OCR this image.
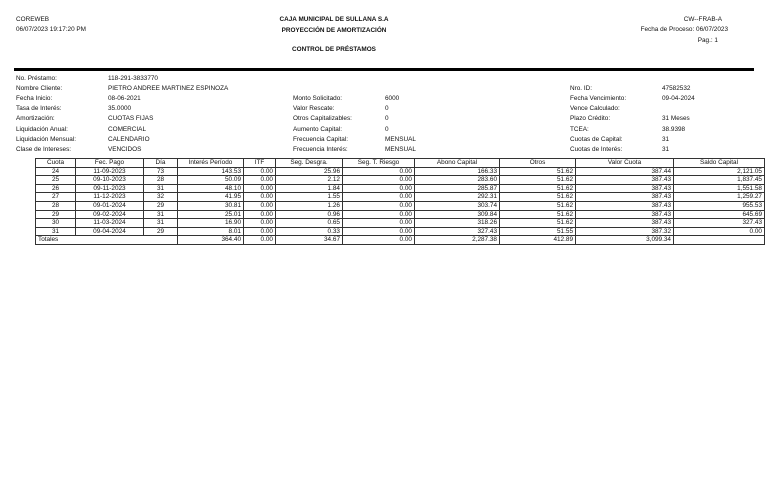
COREWEB
06/07/2023 19:17:20 PM
CAJA MUNICIPAL DE SULLANA S.A
PROYECCIÓN DE AMORTIZACIÓN
CONTROL DE PRÉSTAMOS
CW--FRAB-A
Fecha de Proceso: 06/07/2023
Pag.: 1
No. Préstamo:	118-291-3833770
Nombre Cliente:	PIETRO ANDREE MARTINEZ ESPINOZA
Fecha Inicio:	08-06-2021
Tasa de Interés:	35.0000
Amortización:	CUOTAS FIJAS
Liquidación Anual:	COMERCIAL
Liquidación Mensual:	CALENDARIO
Clase de Intereses:	VENCIDOS
Monto Solicitado:	6000
Valor Rescate:	0
Otros Capitalizables:	0
Aumento Capital:	0
Frecuencia Capital:	MENSUAL
Frecuencia Interés:	MENSUAL
Nro. ID:	47582532
Fecha Vencimiento:	09-04-2024
Vence Calculado:
Plazo Crédito:	31 Meses
TCEA:	38.9398
Cuotas de Capital:	31
Cuotas de Interés:	31
Cuota	Fec. Pago	Día	Interés Período	ITF	Seg. Desgra.	Seg. T. Riesgo	Abono Capital	Otros	Valor Cuota	Saldo Capital
24	11-09-2023	73	143.53	0.00	25.96	0.00	166.33	51.62	387.44	2,121.05
25	09-10-2023	28	50.09	0.00	2.12	0.00	283.60	51.62	387.43	1,837.45
26	09-11-2023	31	48.10	0.00	1.84	0.00	285.87	51.62	387.43	1,551.58
27	11-12-2023	32	41.95	0.00	1.55	0.00	292.31	51.62	387.43	1,259.27
28	09-01-2024	29	30.81	0.00	1.26	0.00	303.74	51.62	387.43	955.53
29	09-02-2024	31	25.01	0.00	0.96	0.00	309.84	51.62	387.43	645.69
30	11-03-2024	31	16.90	0.00	0.65	0.00	318.26	51.62	387.43	327.43
31	09-04-2024	29	8.01	0.00	0.33	0.00	327.43	51.55	387.32	0.00
Totales			364.40	0.00	34.67	0.00	2,287.38	412.89	3,099.34	
